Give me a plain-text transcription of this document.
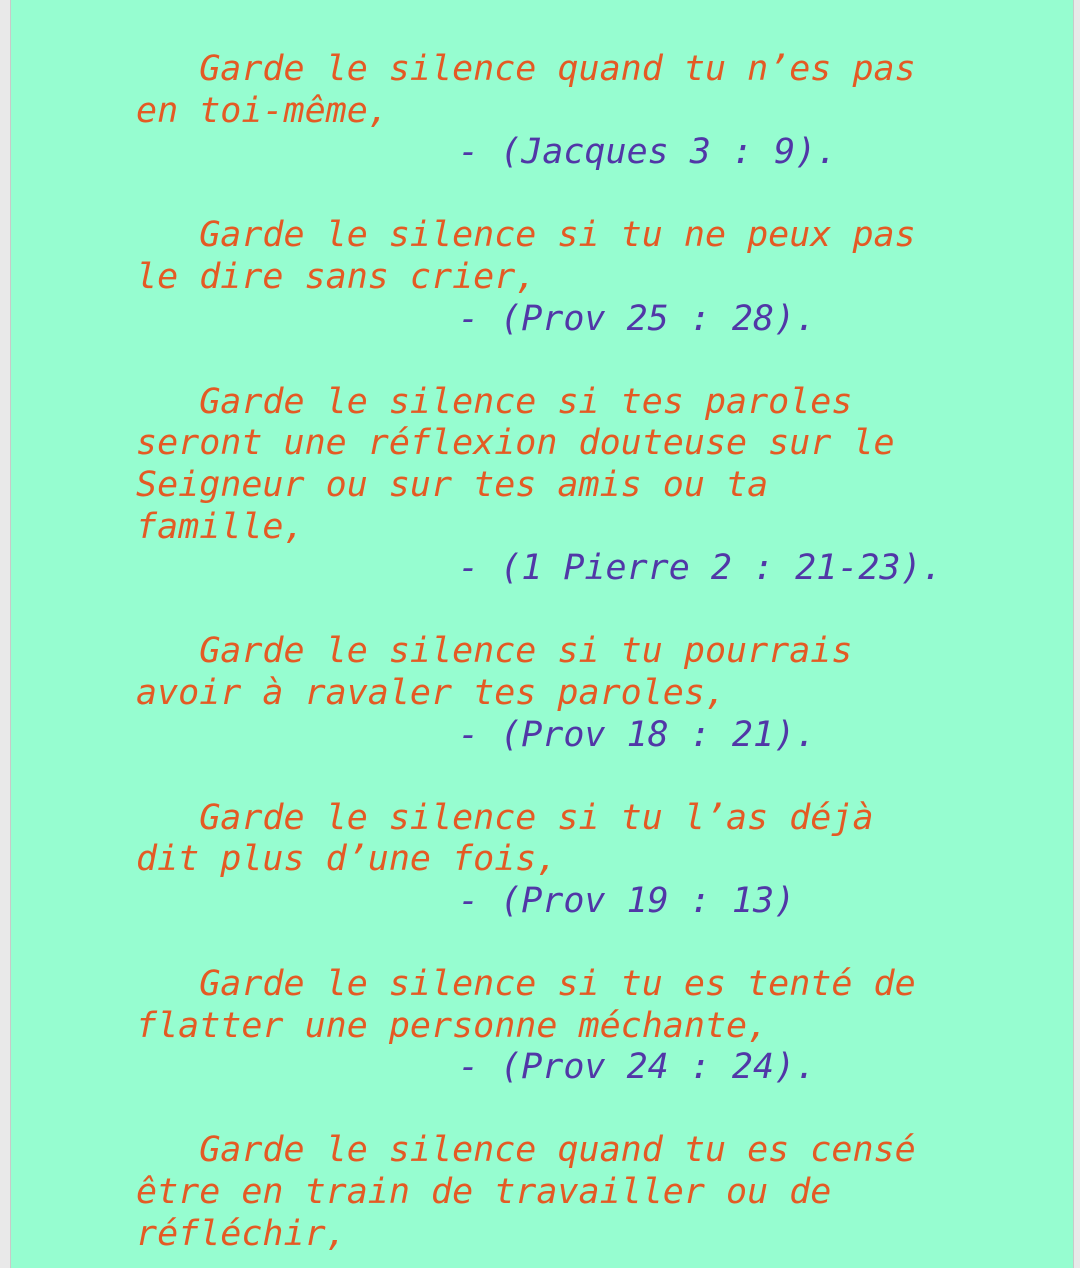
Garde le silence quand tu n’es pas
en toi-même,

- (Jacques 3 : 9).

Garde le silence si tu ne peux pas
le dire sans crier,

- (Prov 25 : 28).

Garde le silence si tes paroles
seront une réflexion douteuse sur le
Seigneur ou sur tes amis ou ta
famille,

- (1 Pierre 2 : 21-23).

Garde le silence si tu pourrais
avoir à ravaler tes paroles,

- (Prov 18 : 21).

Garde le silence si tu l’as déjà
dit plus d’une fois,

- (Prov 19 : 13)

Garde le silence si tu es tenté de
flatter une personne méchante,

- (Prov 24 : 24).

Garde le silence quand tu es censé
être en train de travailler ou de
réfléchir,
